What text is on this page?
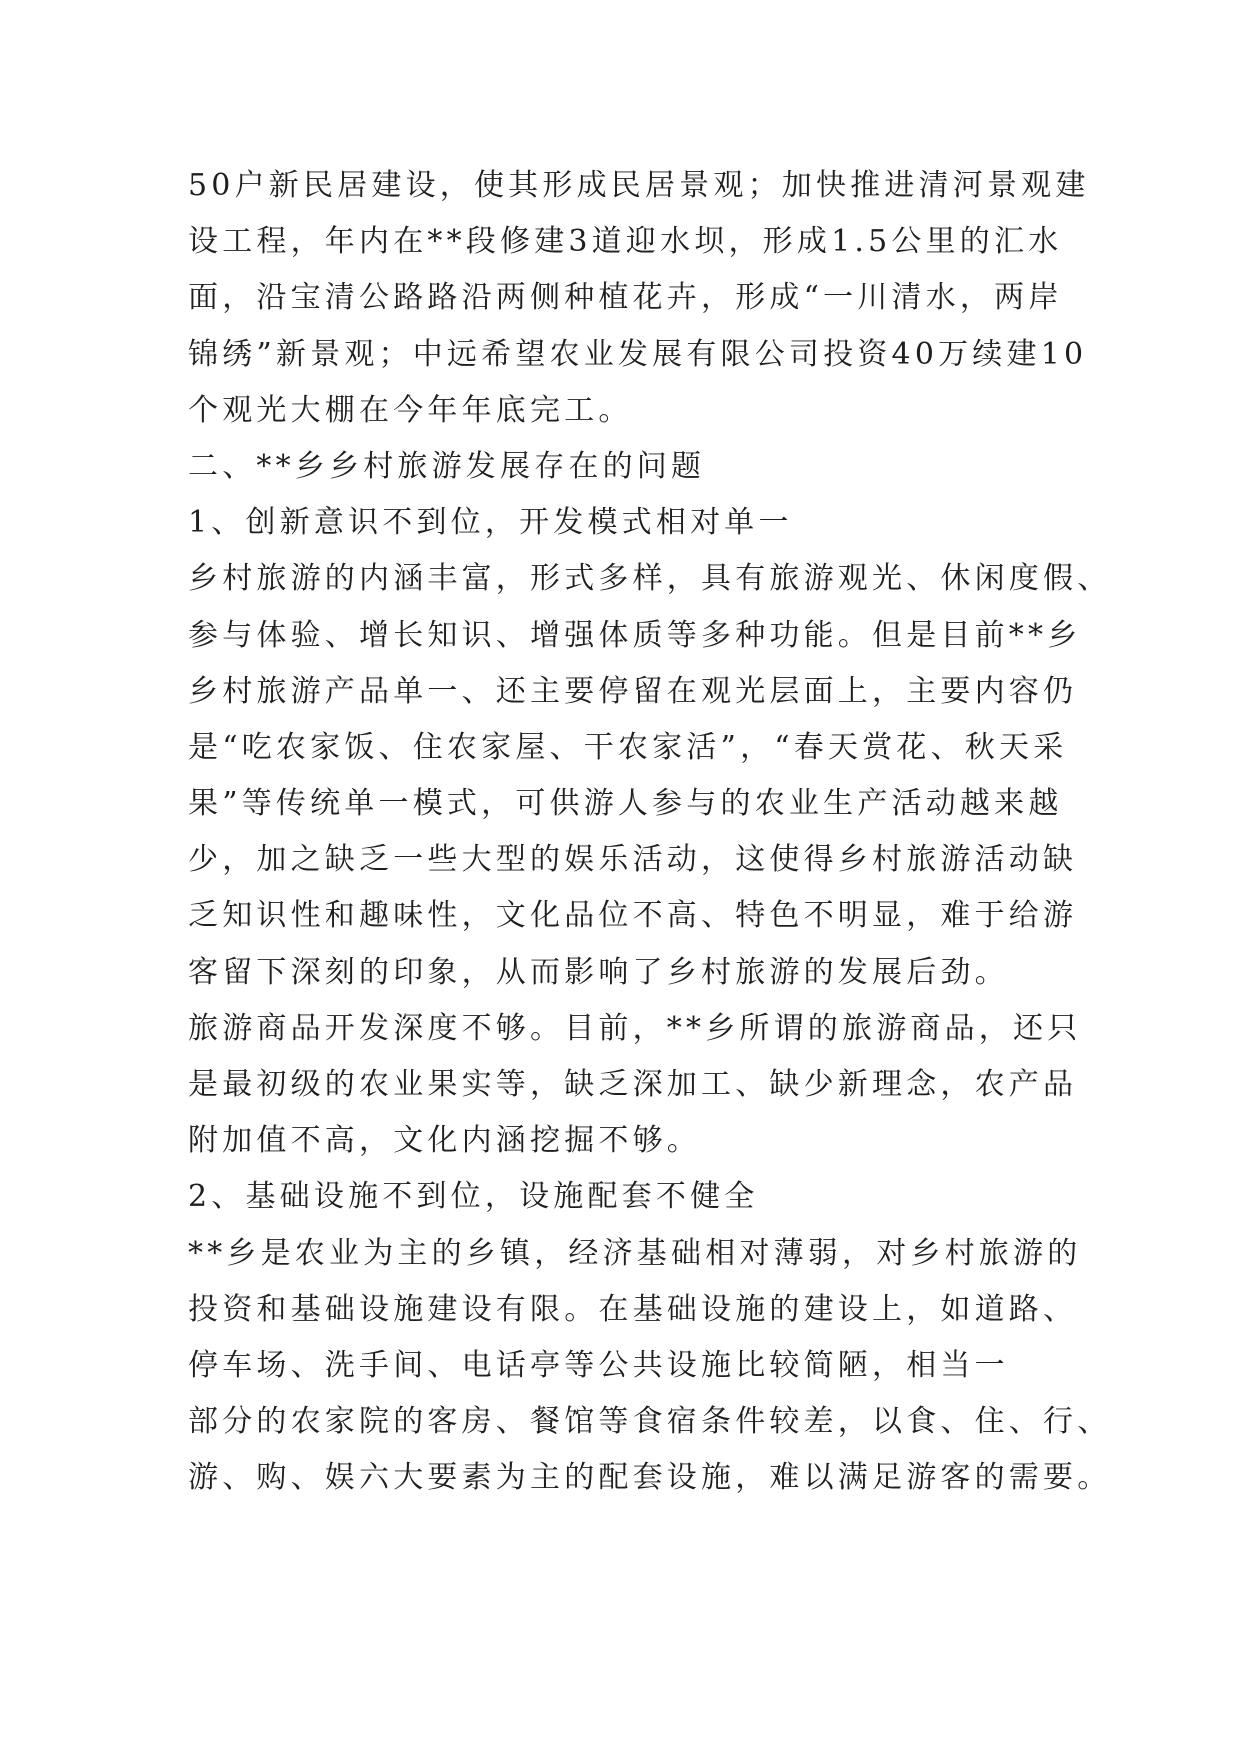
50户新民居建设，使其形成民居景观；加快推进清河景观建
设工程，年内在**段修建3道迎水坝，形成1.5公里的汇水
面，沿宝清公路路沿两侧种植花卉，形成“一川清水，两岸
锦绣”新景观；中远希望农业发展有限公司投资40万续建10
个观光大棚在今年年底完工。
二、**乡乡村旅游发展存在的问题
1、创新意识不到位，开发模式相对单一
乡村旅游的内涵丰富，形式多样，具有旅游观光、休闲度假、
参与体验、增长知识、增强体质等多种功能。但是目前**乡
乡村旅游产品单一、还主要停留在观光层面上，主要内容仍
是“吃农家饭、住农家屋、干农家活”，“春天赏花、秋天采
果”等传统单一模式，可供游人参与的农业生产活动越来越
少，加之缺乏一些大型的娱乐活动，这使得乡村旅游活动缺
乏知识性和趣味性，文化品位不高、特色不明显，难于给游
客留下深刻的印象，从而影响了乡村旅游的发展后劲。
旅游商品开发深度不够。目前，**乡所谓的旅游商品，还只
是最初级的农业果实等，缺乏深加工、缺少新理念，农产品
附加值不高，文化内涵挖掘不够。
2、基础设施不到位，设施配套不健全
**乡是农业为主的乡镇，经济基础相对薄弱，对乡村旅游的
投资和基础设施建设有限。在基础设施的建设上，如道路、
停车场、洗手间、电话亭等公共设施比较简陋，相当一
部分的农家院的客房、餐馆等食宿条件较差，以食、住、行、
游、购、娱六大要素为主的配套设施，难以满足游客的需要。
